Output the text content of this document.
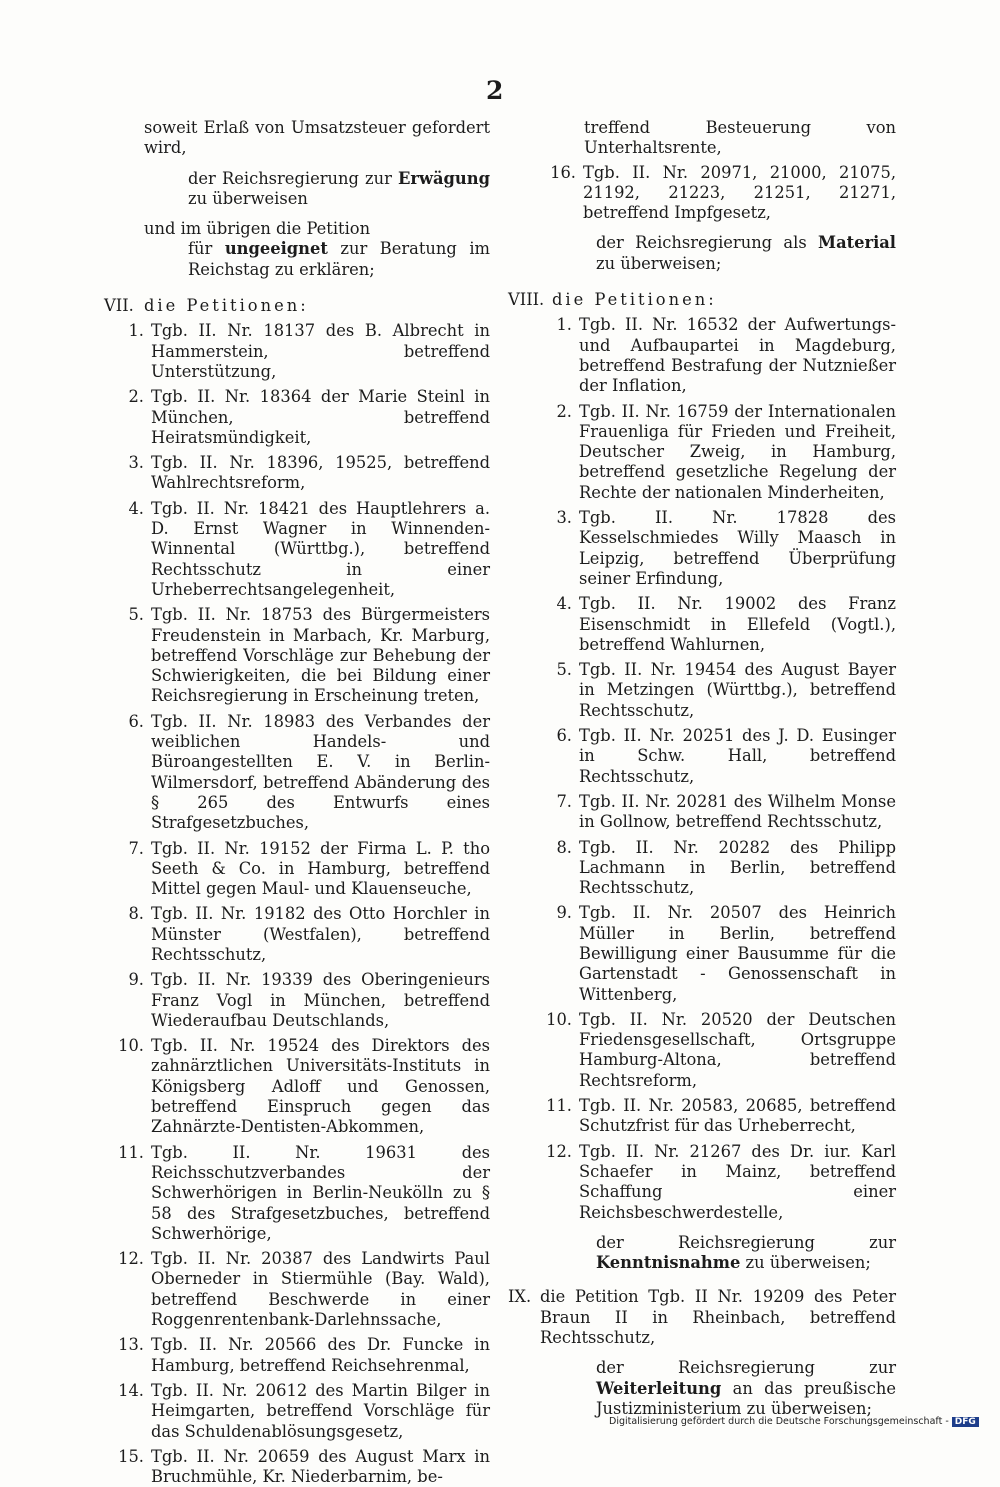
2
soweit Erlaß von Umsatzsteuer gefordert wird,
der Reichsregierung zur Erwägung zu überweisen
und im übrigen die Petition
für ungeeignet zur Beratung im Reichstag zu erklären;
VII. die Petitionen:
1. Tgb. II. Nr. 18137 des B. Albrecht in Hammerstein, betreffend Unterstützung,
2. Tgb. II. Nr. 18364 der Marie Steinl in München, betreffend Heiratsmündigkeit,
3. Tgb. II. Nr. 18396, 19525, betreffend Wahlrechtsreform,
4. Tgb. II. Nr. 18421 des Hauptlehrers a. D. Ernst Wagner in Winnenden-Winnental (Württbg.), betreffend Rechtsschutz in einer Urheberrechtsangelegenheit,
5. Tgb. II. Nr. 18753 des Bürgermeisters Freudenstein in Marbach, Kr. Marburg, betreffend Vorschläge zur Behebung der Schwierigkeiten, die bei Bildung einer Reichsregierung in Erscheinung treten,
6. Tgb. II. Nr. 18983 des Verbandes der weiblichen Handels- und Büroangestellten E. V. in Berlin-Wilmersdorf, betreffend Abänderung des § 265 des Entwurfs eines Strafgesetzbuches,
7. Tgb. II. Nr. 19152 der Firma L. P. tho Seeth & Co. in Hamburg, betreffend Mittel gegen Maul- und Klauenseuche,
8. Tgb. II. Nr. 19182 des Otto Horchler in Münster (Westfalen), betreffend Rechtsschutz,
9. Tgb. II. Nr. 19339 des Oberingenieurs Franz Vogl in München, betreffend Wiederaufbau Deutschlands,
10. Tgb. II. Nr. 19524 des Direktors des zahnärztlichen Universitäts-Instituts in Königsberg Adloff und Genossen, betreffend Einspruch gegen das Zahnärzte-Dentisten-Abkommen,
11. Tgb. II. Nr. 19631 des Reichsschutzverbandes der Schwerhörigen in Berlin-Neukölln zu § 58 des Strafgesetzbuches, betreffend Schwerhörige,
12. Tgb. II. Nr. 20387 des Landwirts Paul Oberneder in Stiermühle (Bay. Wald), betreffend Beschwerde in einer Roggenrentenbank-Darlehnssache,
13. Tgb. II. Nr. 20566 des Dr. Funcke in Hamburg, betreffend Reichsehrenmal,
14. Tgb. II. Nr. 20612 des Martin Bilger in Heimgarten, betreffend Vorschläge für das Schuldenablösungsgesetz,
15. Tgb. II. Nr. 20659 des August Marx in Bruchmühle, Kr. Niederbarnim, be-
treffend Besteuerung von Unterhaltsrente,
16. Tgb. II. Nr. 20971, 21000, 21075, 21192, 21223, 21251, 21271, betreffend Impfgesetz,
der Reichsregierung als Material zu überweisen;
VIII. die Petitionen:
1. Tgb. II. Nr. 16532 der Aufwertungs- und Aufbaupartei in Magdeburg, betreffend Bestrafung der Nutznießer der Inflation,
2. Tgb. II. Nr. 16759 der Internationalen Frauenliga für Frieden und Freiheit, Deutscher Zweig, in Hamburg, betreffend gesetzliche Regelung der Rechte der nationalen Minderheiten,
3. Tgb. II. Nr. 17828 des Kesselschmiedes Willy Maasch in Leipzig, betreffend Überprüfung seiner Erfindung,
4. Tgb. II. Nr. 19002 des Franz Eisenschmidt in Ellefeld (Vogtl.), betreffend Wahlurnen,
5. Tgb. II. Nr. 19454 des August Bayer in Metzingen (Württbg.), betreffend Rechtsschutz,
6. Tgb. II. Nr. 20251 des J. D. Eusinger in Schw. Hall, betreffend Rechtsschutz,
7. Tgb. II. Nr. 20281 des Wilhelm Monse in Gollnow, betreffend Rechtsschutz,
8. Tgb. II. Nr. 20282 des Philipp Lachmann in Berlin, betreffend Rechtsschutz,
9. Tgb. II. Nr. 20507 des Heinrich Müller in Berlin, betreffend Bewilligung einer Bausumme für die Gartenstadt - Genossenschaft in Wittenberg,
10. Tgb. II. Nr. 20520 der Deutschen Friedensgesellschaft, Ortsgruppe Hamburg-Altona, betreffend Rechtsreform,
11. Tgb. II. Nr. 20583, 20685, betreffend Schutzfrist für das Urheberrecht,
12. Tgb. II. Nr. 21267 des Dr. iur. Karl Schaefer in Mainz, betreffend Schaffung einer Reichsbeschwerdestelle,
der Reichsregierung zur Kenntnisnahme zu überweisen;
IX. die Petition Tgb. II Nr. 19209 des Peter Braun II in Rheinbach, betreffend Rechtsschutz,
der Reichsregierung zur Weiterleitung an das preußische Justizministerium zu überweisen;
Digitalisierung gefördert durch die Deutsche Forschungsgemeinschaft - DFG
